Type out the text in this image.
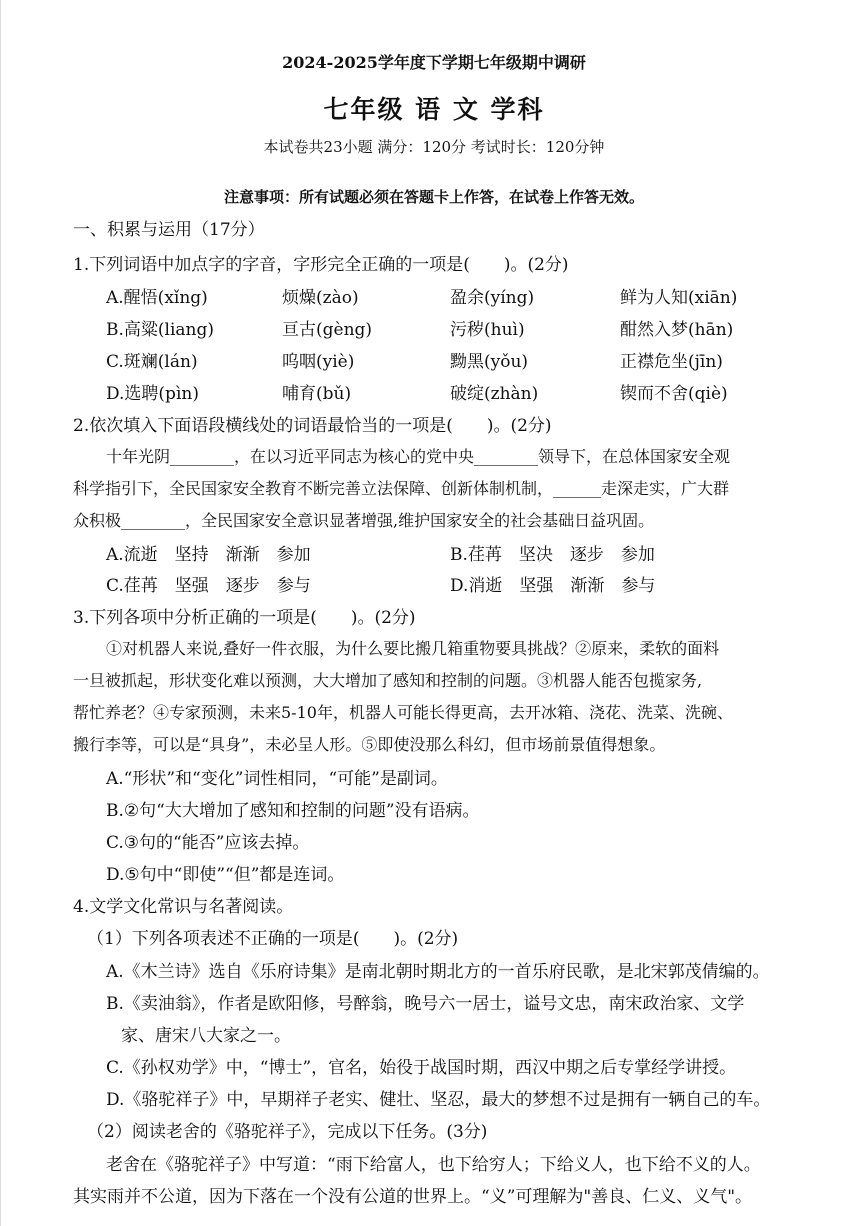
2024-2025学年度下学期七年级期中调研
七年级 语 文 学科
本试卷共23小题 满分：120分 考试时长：120分钟
注意事项：所有试题必须在答题卡上作答，在试卷上作答无效。
一、积累与运用（17分）
1.下列词语中加点字的字音，字形完全正确的一项是(　　)。(2分)
A.醒悟(xǐng)	烦燥(zào)	盈余(yíng)	鲜为人知(xiān)
B.高粱(liang)	亘古(gèng)	污秽(huì)	酣然入梦(hān)
C.斑斓(lán)	呜咽(yiè)	黝黑(yǒu)	正襟危坐(jīn)
D.选聘(pìn)	哺育(bǔ)	破绽(zhàn)	锲而不舍(qiè)
2.依次填入下面语段横线处的词语最恰当的一项是(　　)。(2分)
十年光阴________，在以习近平同志为核心的党中央________领导下，在总体国家安全观
科学指引下，全民国家安全教育不断完善立法保障、创新体制机制，______走深走实，广大群
众积极________，全民国家安全意识显著增强,维护国家安全的社会基础日益巩固。
A.流逝　坚持　渐渐　参加	B.荏苒　坚决　逐步　参加
C.荏苒　坚强　逐步　参与	D.消逝　坚强　渐渐　参与
3.下列各项中分析正确的一项是(　　)。(2分)
①对机器人来说,叠好一件衣服，为什么要比搬几箱重物要具挑战？②原来，柔软的面料
一旦被抓起，形状变化难以预测，大大增加了感知和控制的问题。③机器人能否包揽家务,
帮忙养老？④专家预测，未来5-10年，机器人可能长得更高，去开冰箱、浇花、洗菜、洗碗、
搬行李等，可以是“具身”，未必呈人形。⑤即使没那么科幻，但市场前景值得想象。
A.“形状”和“变化”词性相同，“可能”是副词。
B.②句“大大增加了感知和控制的问题”没有语病。
C.③句的“能否”应该去掉。
D.⑤句中“即使”“但”都是连词。
4.文学文化常识与名著阅读。
（1）下列各项表述不正确的一项是(　　)。(2分)
A.《木兰诗》选自《乐府诗集》是南北朝时期北方的一首乐府民歌，是北宋郭茂倩编的。
B.《卖油翁》，作者是欧阳修，号醉翁，晚号六一居士，谥号文忠，南宋政治家、文学
家、唐宋八大家之一。
C.《孙权劝学》中，“博士”，官名，始役于战国时期，西汉中期之后专掌经学讲授。
D.《骆驼祥子》中，早期祥子老实、健壮、坚忍，最大的梦想不过是拥有一辆自己的车。
（2）阅读老舍的《骆驼祥子》，完成以下任务。(3分)
老舍在《骆驼祥子》中写道：“雨下给富人，也下给穷人；下给义人，也下给不义的人。
其实雨并不公道，因为下落在一个没有公道的世界上。“义”可理解为"善良、仁义、义气"。
